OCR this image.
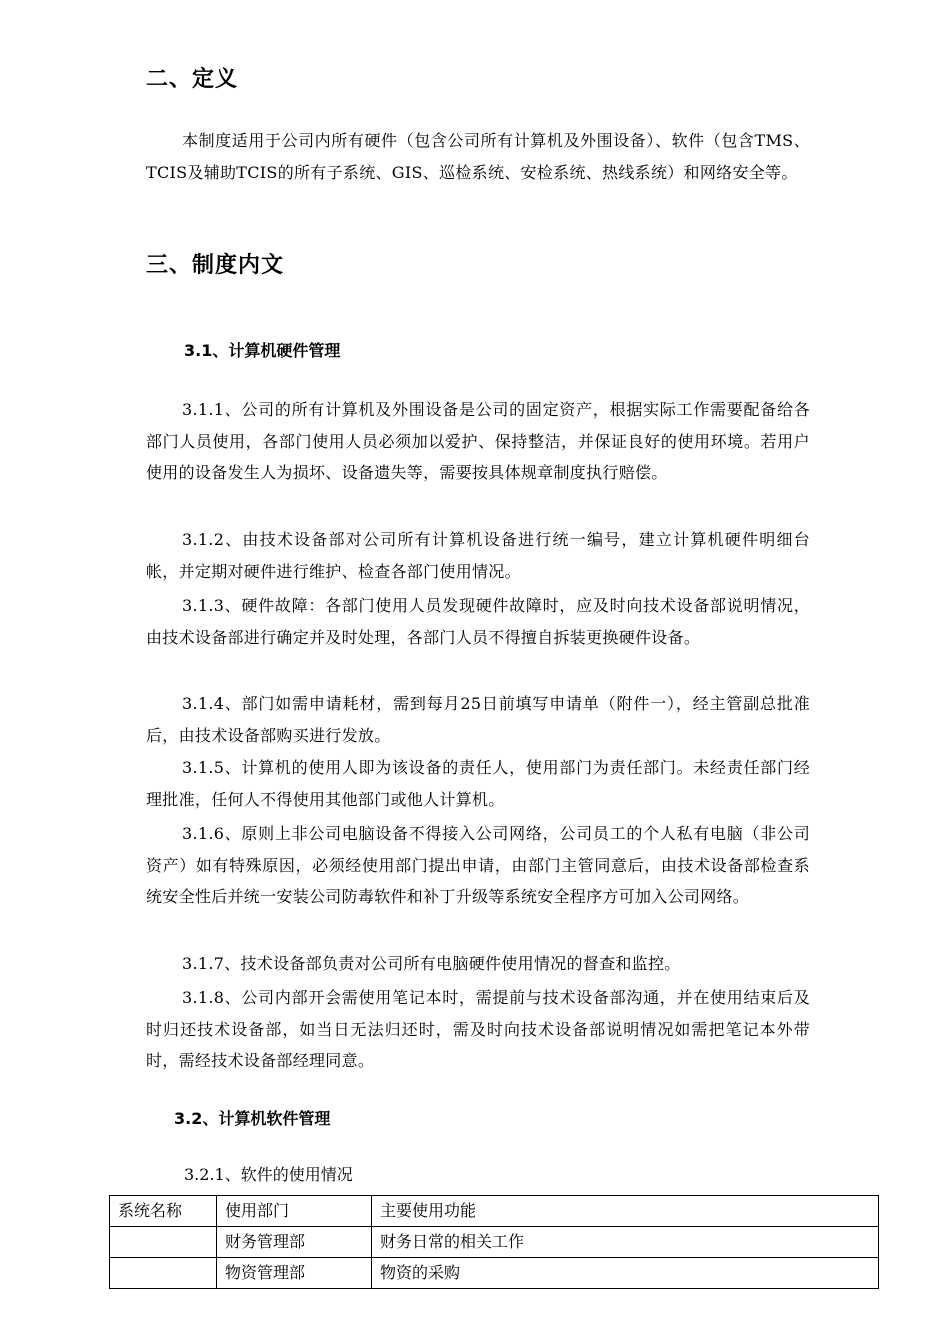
二、定义

本制度适用于公司内所有硬件（包含公司所有计算机及外围设备）、软件（包含TMS、TCIS及辅助TCIS的所有子系统、GIS、巡检系统、安检系统、热线系统）和网络安全等。

三、制度内文
3.1、计算机硬件管理

3.1.1、公司的所有计算机及外围设备是公司的固定资产，根据实际工作需要配备给各部门人员使用，各部门使用人员必须加以爱护、保持整洁，并保证良好的使用环境。若用户使用的设备发生人为损坏、设备遗失等，需要按具体规章制度执行赔偿。

3.1.2、由技术设备部对公司所有计算机设备进行统一编号，建立计算机硬件明细台帐，并定期对硬件进行维护、检查各部门使用情况。

3.1.3、硬件故障：各部门使用人员发现硬件故障时，应及时向技术设备部说明情况，由技术设备部进行确定并及时处理，各部门人员不得擅自拆装更换硬件设备。

3.1.4、部门如需申请耗材，需到每月25日前填写申请单（附件一），经主管副总批准后，由技术设备部购买进行发放。

3.1.5、计算机的使用人即为该设备的责任人，使用部门为责任部门。未经责任部门经理批准，任何人不得使用其他部门或他人计算机。

3.1.6、原则上非公司电脑设备不得接入公司网络，公司员工的个人私有电脑（非公司资产）如有特殊原因，必须经使用部门提出申请，由部门主管同意后，由技术设备部检查系统安全性后并统一安装公司防毒软件和补丁升级等系统安全程序方可加入公司网络。

3.1.7、技术设备部负责对公司所有电脑硬件使用情况的督查和监控。

3.1.8、公司内部开会需使用笔记本时，需提前与技术设备部沟通，并在使用结束后及时归还技术设备部，如当日无法归还时，需及时向技术设备部说明情况如需把笔记本外带时，需经技术设备部经理同意。

3.2、计算机软件管理

3.2.1、软件的使用情况

系统名称	使用部门	主要使用功能
	财务管理部	财务日常的相关工作
	物资管理部	物资的采购
